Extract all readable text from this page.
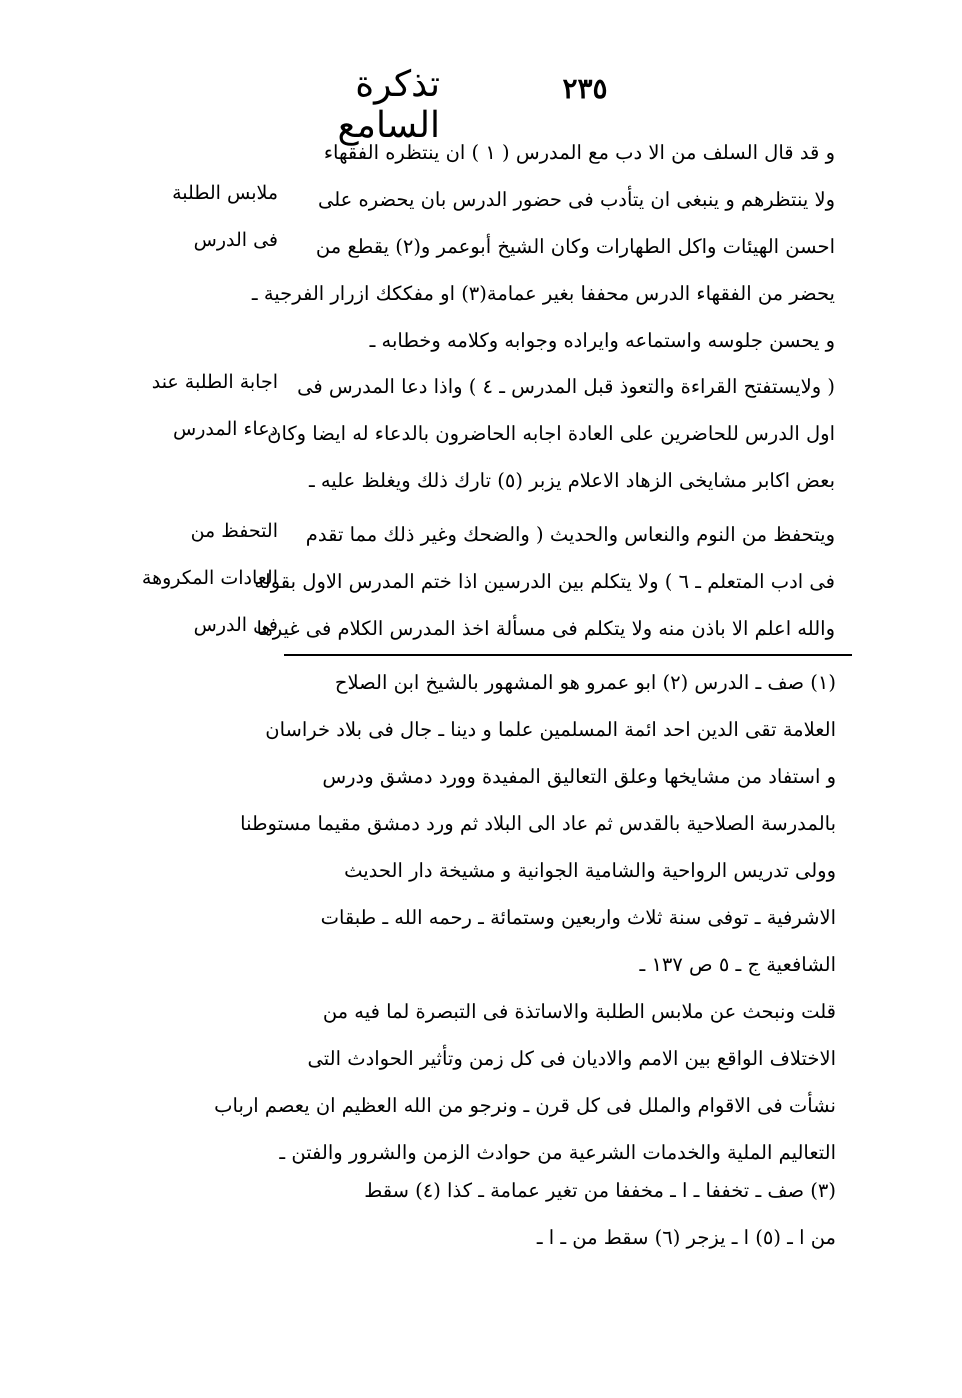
تذكرة السامع
٢٣٥
و قد قال السلف من الا دب مع المدرس ( ١ ) ان ينتظره الفقهاء
ولا ينتظرهم و ينبغى ان يتأدب فى حضور الدرس بان يحضره على
احسن الهيئات واكل الطهارات وكان الشيخ أبوعمر و(٢) يقطع من
يحضر من الفقهاء الدرس محففا بغير عمامة(٣) او مفككك ازرار الفرجية ـ
و يحسن جلوسه واستماعه وايراده وجوابه وكلامه وخطابه ـ
( ولايستفتح القراءة والتعوذ قبل المدرس ـ ٤ ) واذا دعا المدرس فى
اول الدرس للحاضرين على العادة اجابه الحاضرون بالدعاء له ايضا وكان
بعض اكابر مشايخى الزهاد الاعلام يزبر (٥) تارك ذلك ويغلظ عليه ـ
ويتحفظ من النوم والنعاس والحديث ( والضحك وغير ذلك مما تقدم
فى ادب المتعلم ـ ٦ ) ولا يتكلم بين الدرسين اذا ختم المدرس الاول بقوله
والله اعلم الا باذن منه ولا يتكلم فى مسألة اخذ المدرس الكلام فى غيرها
ملابس الطلبة
فى الدرس
اجابة الطلبة عند
دعاء المدرس
التحفظ من
العادات المكروهة
فى الدرس
(١) صف ـ الدرس (٢) ابو عمرو هو المشهور بالشيخ ابن الصلاح
العلامة تقى الدين احد ائمة المسلمين علما و دينا ـ جال فى بلاد خراسان
و استفاد من مشايخها وعلق التعاليق المفيدة وورد دمشق ودرس
بالمدرسة الصلاحية بالقدس ثم عاد الى البلاد ثم ورد دمشق مقيما مستوطنا
وولى تدريس الرواحية والشامية الجوانية و مشيخة دار الحديث
الاشرفية ـ توفى سنة ثلاث واربعين وستمائة ـ رحمه الله ـ طبقات
الشافعية ج ـ ٥ ص ١٣٧ ـ
قلت ونبحث عن ملابس الطلبة والاساتذة فى التبصرة لما فيه من
الاختلاف الواقع بين الامم والاديان فى كل زمن وتأثير الحوادث التى
نشأت فى الاقوام والملل فى كل قرن ـ ونرجو من الله العظيم ان يعصم ارباب
التعاليم الملية والخدمات الشرعية من حوادث الزمن والشرور والفتن ـ
(٣) صف ـ تخففا ـ ا ـ مخففا من تغير عمامة ـ كذا (٤) سقط
من ا ـ (٥) ا ـ يزجر (٦) سقط من ـ ا ـ
